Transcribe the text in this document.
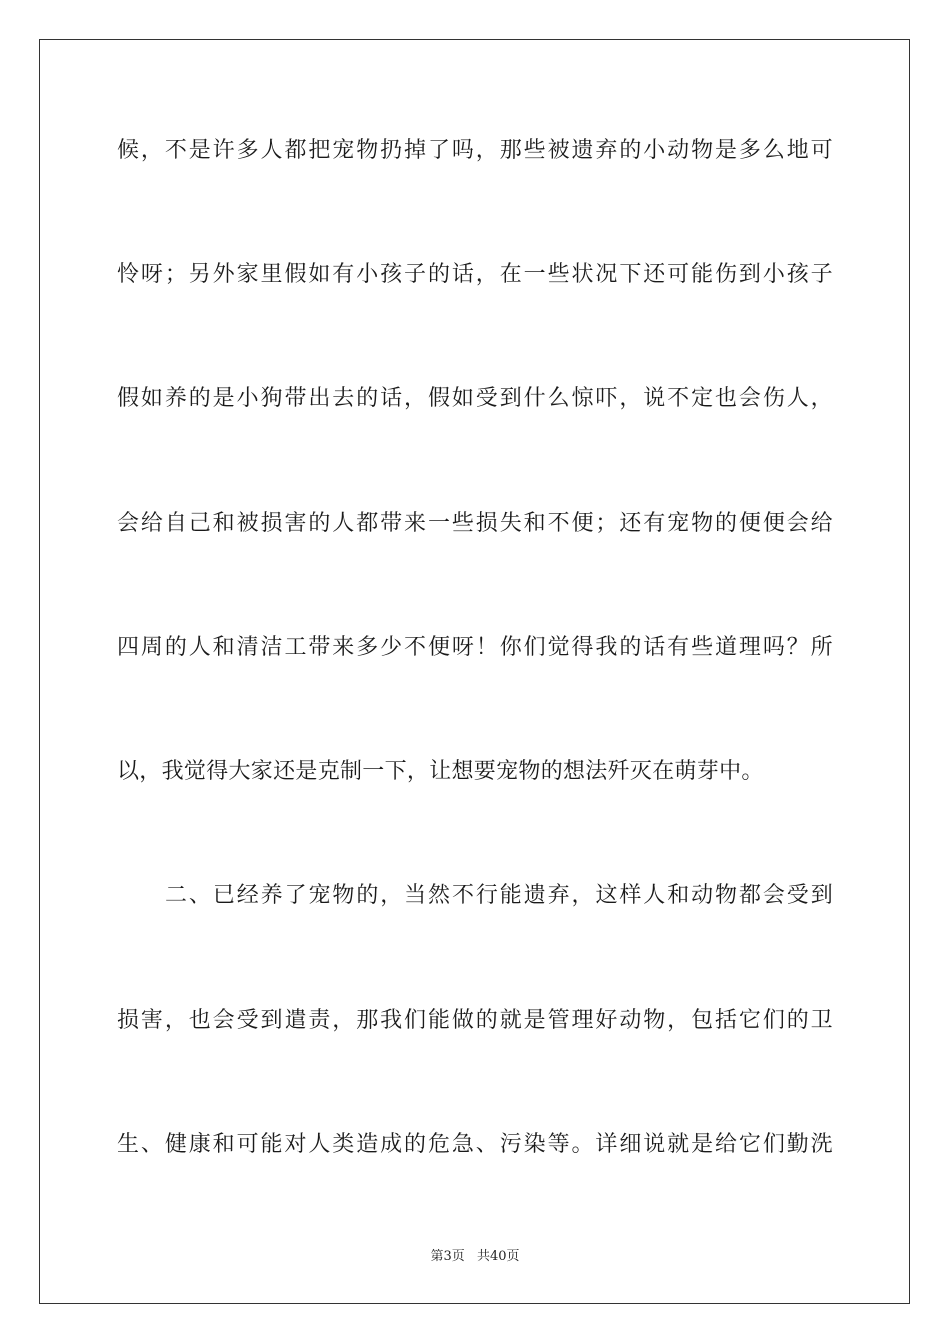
候，不是许多人都把宠物扔掉了吗，那些被遗弃的小动物是多么地可
怜呀；另外家里假如有小孩子的话，在一些状况下还可能伤到小孩子
假如养的是小狗带出去的话，假如受到什么惊吓，说不定也会伤人，
会给自己和被损害的人都带来一些损失和不便；还有宠物的便便会给
四周的人和清洁工带来多少不便呀！你们觉得我的话有些道理吗？所
以，我觉得大家还是克制一下，让想要宠物的想法歼灭在萌芽中。
二、已经养了宠物的，当然不行能遗弃，这样人和动物都会受到
损害，也会受到遣责，那我们能做的就是管理好动物，包括它们的卫
生、健康和可能对人类造成的危急、污染等。详细说就是给它们勤洗
第3页 共40页
